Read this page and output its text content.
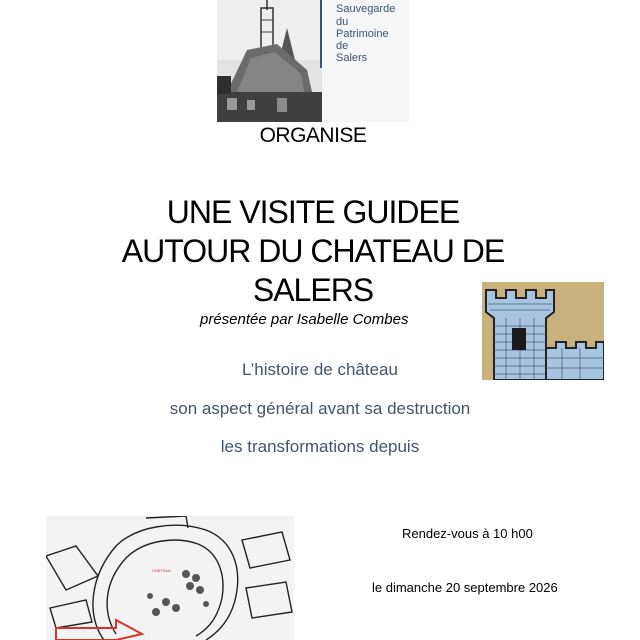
Sauvegarde
du
Patrimoine
de
Salers
ORGANISE
UNE VISITE GUIDEE
AUTOUR DU CHATEAU DE
SALERS
présentée par Isabelle Combes
L’histoire de château
son aspect général avant sa destruction
les transformations depuis
CHATEAU
Rendez-vous à 10 h00
le dimanche 20 septembre 2026
